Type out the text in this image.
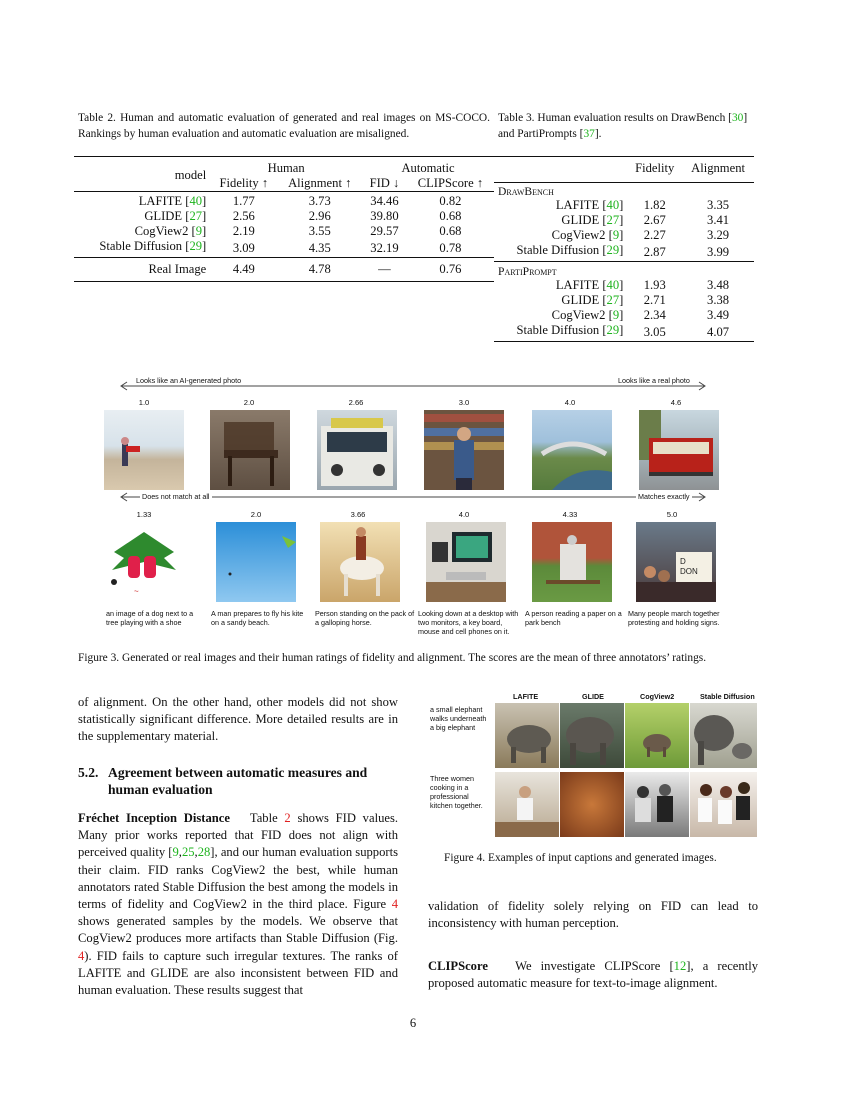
Table 2. Human and automatic evaluation of generated and real images on MS-COCO. Rankings by human evaluation and automatic evaluation are misaligned.
model	Human		Automatic	
	Fidelity ↑	Alignment ↑	FID ↓	CLIPScore ↑
LAFITE [40]	1.77	3.73	34.46	0.82
GLIDE [27]	2.56	2.96	39.80	0.68
CogView2 [9]	2.19	3.55	29.57	0.68
Stable Diffusion [29]	3.09	4.35	32.19	0.78
Real Image	4.49	4.78	—	0.76
Table 3. Human evaluation results on DrawBench [30] and PartiPrompts [37].
	Fidelity	Alignment
DrawBench		
LAFITE [40]	1.82	3.35
GLIDE [27]	2.67	3.41
CogView2 [9]	2.27	3.29
Stable Diffusion [29]	2.87	3.99
PartiPrompt		
LAFITE [40]	1.93	3.48
GLIDE [27]	2.71	3.38
CogView2 [9]	2.34	3.49
Stable Diffusion [29]	3.05	4.07
Looks like an AI-generated photo	Looks like a real photo
1.0	2.0	2.66	3.0	4.0	4.6
Does not match at all	Matches exactly
1.33	2.0	3.66	4.0	4.33	5.0
~
D
DON
an image of a dog next to a tree playing with a shoe
A man prepares to fly his kite on a sandy beach.
Person standing on the pack of a galloping horse.
Looking down at a desktop with two monitors, a key board, mouse and cell phones on it.
A person reading a paper on a park bench
Many people march together protesting and holding signs.
Figure 3. Generated or real images and their human ratings of fidelity and alignment. The scores are the mean of three annotators’ ratings.
of alignment. On the other hand, other models did not show statistically significant difference. More detailed results are in the supplementary material.
5.2. Agreement between automatic measures and human evaluation
Fréchet Inception Distance Table 2 shows FID values. Many prior works reported that FID does not align with perceived quality [9,25,28], and our human evaluation supports their claim. FID ranks CogView2 the best, while human annotators rated Stable Diffusion the best among the models in terms of fidelity and CogView2 in the third place. Figure 4 shows generated samples by the models. We observe that CogView2 produces more artifacts than Stable Diffusion (Fig. 4). FID fails to capture such irregular textures. The ranks of LAFITE and GLIDE are also inconsistent between FID and human evaluation. These results suggest that
LAFITE	GLIDE	CogView2	Stable Diffusion
a small elephant walks underneath a big elephant
Three women cooking in a professional kitchen together.
Figure 4. Examples of input captions and generated images.
validation of fidelity solely relying on FID can lead to inconsistency with human perception.
CLIPScore We investigate CLIPScore [12], a recently proposed automatic measure for text-to-image alignment.
6
